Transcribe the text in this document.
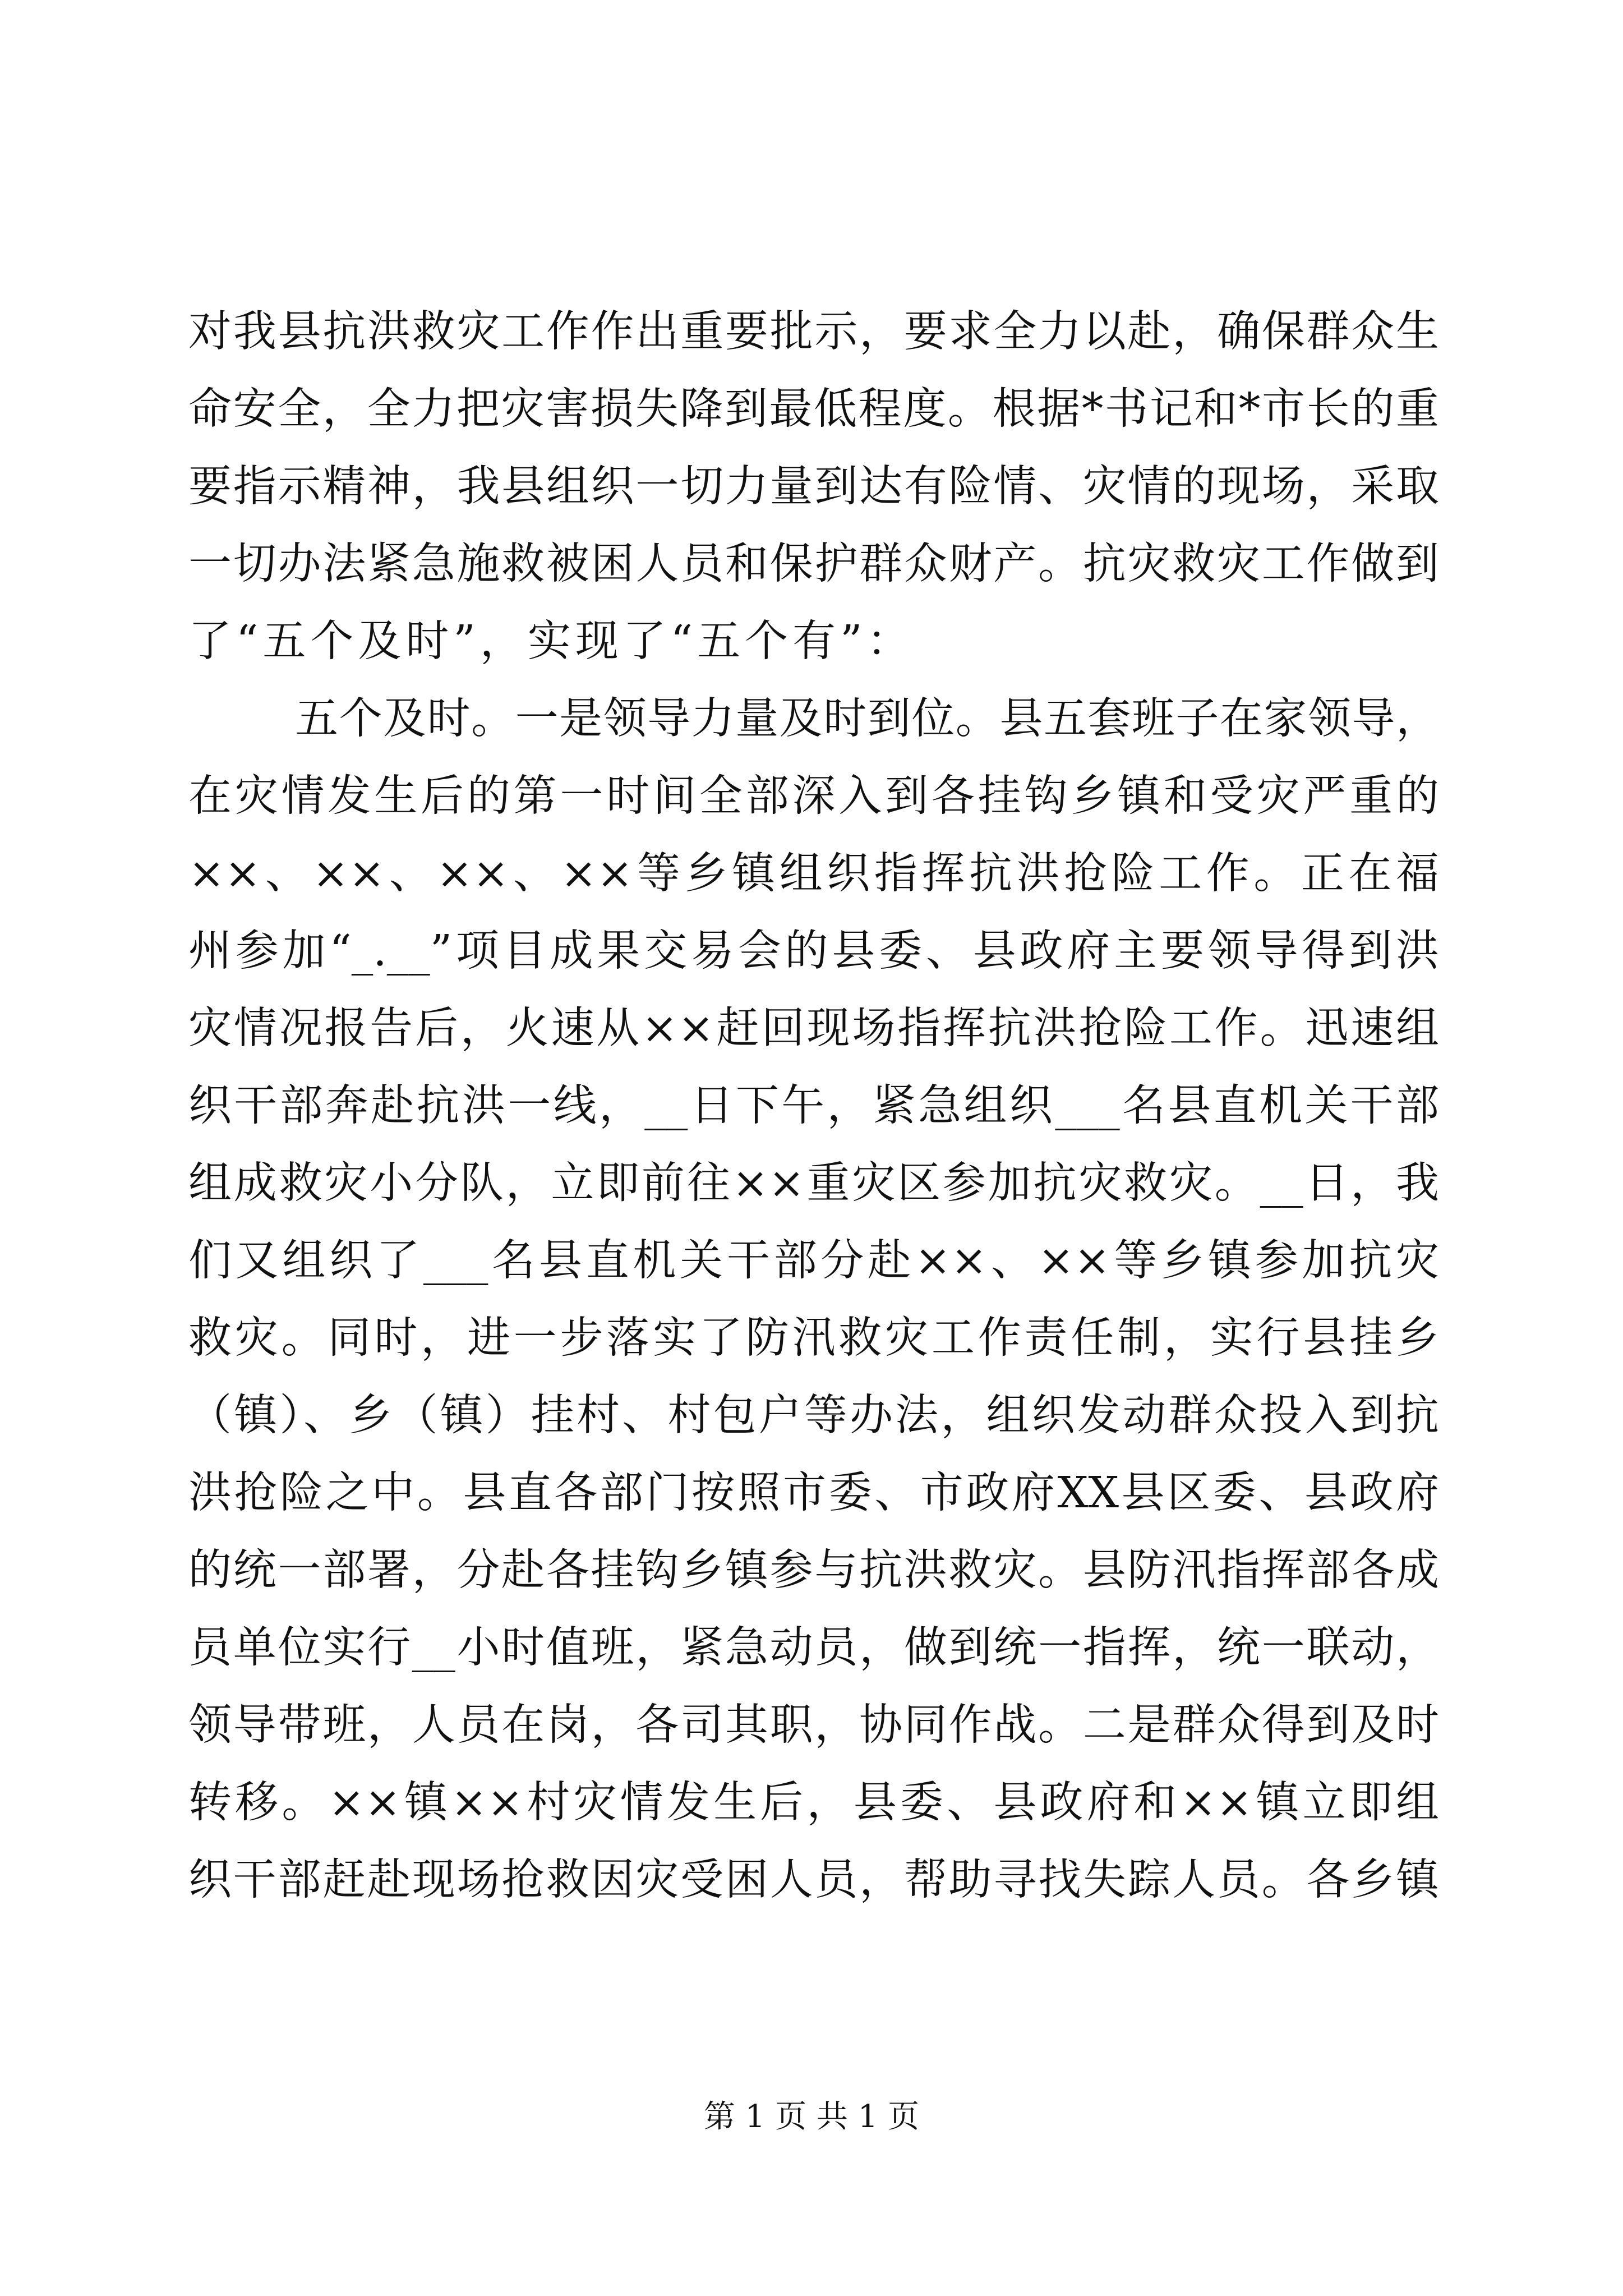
对我县抗洪救灾工作作出重要批示，要求全力以赴，确保群众生
命安全，全力把灾害损失降到最低程度。根据*书记和*市长的重
要指示精神，我县组织一切力量到达有险情、灾情的现场，采取
一切办法紧急施救被困人员和保护群众财产。抗灾救灾工作做到
了“五个及时”，实现了“五个有”：
五个及时。一是领导力量及时到位。县五套班子在家领导，
在灾情发生后的第一时间全部深入到各挂钩乡镇和受灾严重的
××、××、××、××等乡镇组织指挥抗洪抢险工作。正在福
州参加“_.__”项目成果交易会的县委、县政府主要领导得到洪
灾情况报告后，火速从××赶回现场指挥抗洪抢险工作。迅速组
织干部奔赴抗洪一线，__日下午，紧急组织___名县直机关干部
组成救灾小分队，立即前往××重灾区参加抗灾救灾。__日，我
们又组织了___名县直机关干部分赴××、××等乡镇参加抗灾
救灾。同时，进一步落实了防汛救灾工作责任制，实行县挂乡
（镇）、乡（镇）挂村、村包户等办法，组织发动群众投入到抗
洪抢险之中。县直各部门按照市委、市政府XX县区委、县政府
的统一部署，分赴各挂钩乡镇参与抗洪救灾。县防汛指挥部各成
员单位实行__小时值班，紧急动员，做到统一指挥，统一联动，
领导带班，人员在岗，各司其职，协同作战。二是群众得到及时
转移。××镇××村灾情发生后，县委、县政府和××镇立即组
织干部赶赴现场抢救因灾受困人员，帮助寻找失踪人员。各乡镇
第 1 页 共 1 页
